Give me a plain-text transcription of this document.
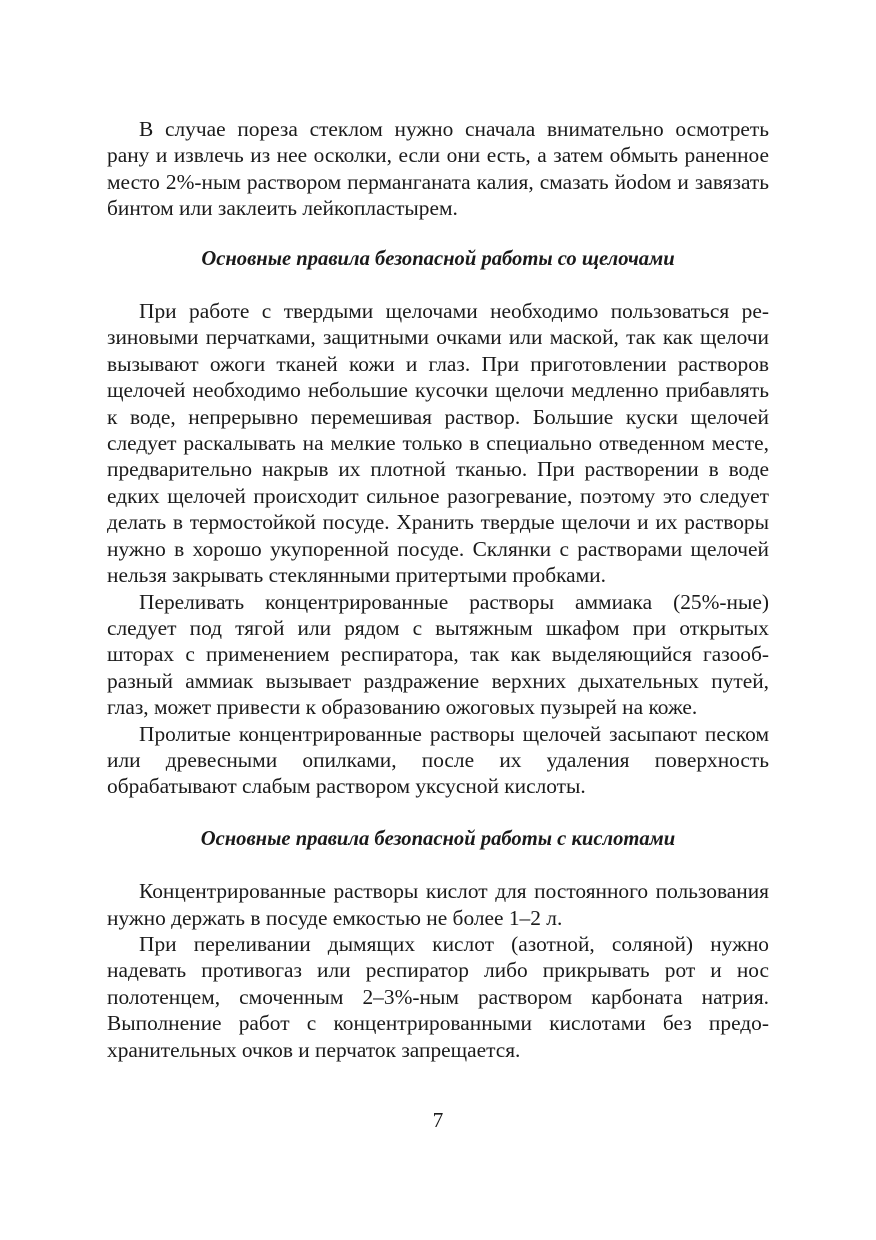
В случае пореза стеклом нужно сначала внимательно осмотреть рану и извлечь из нее осколки, если они есть, а затем обмыть раненное место 2%-ным раствором перманганата калия, смазать йоdом и завязать бинтом или заклеить лейкопластырем.

Основные правила безопасной работы со щелочами

При работе с твердыми щелочами необходимо пользоваться резиновыми перчатками, защитными очками или маской, так как щелочи вызывают ожоги тканей кожи и глаз. При приготовлении растворов щелочей необходимо небольшие кусочки щелочи медленно прибавлять к воде, непрерывно перемешивая раствор. Большие куски щелочей следует раскалывать на мелкие только в специально отведенном месте, предварительно накрыв их плотной тканью. При растворении в воде едких щелочей происходит сильное разогревание, поэтому это следует делать в термостойкой посуде. Хранить твердые щелочи и их растворы нужно в хорошо укупоренной посуде. Склянки с растворами щелочей нельзя закрывать стеклянными притертыми пробками.

Переливать концентрированные растворы аммиака (25%-ные) следует под тягой или рядом с вытяжным шкафом при открытых шторах с применением респиратора, так как выделяющийся газообразный аммиак вызывает раздражение верхних дыхательных путей, глаз, может привести к образованию ожоговых пузырей на коже.

Пролитые концентрированные растворы щелочей засыпают песком или древесными опилками, после их удаления поверхность обрабатывают слабым раствором уксусной кислоты.

Основные правила безопасной работы с кислотами

Концентрированные растворы кислот для постоянного пользования нужно держать в посуде емкостью не более 1–2 л.

При переливании дымящих кислот (азотной, соляной) нужно надевать противогаз или респиратор либо прикрывать рот и нос полотенцем, смоченным 2–3%-ным раствором карбоната натрия. Выполнение работ с концентрированными кислотами без предохранительных очков и перчаток запрещается.

7
